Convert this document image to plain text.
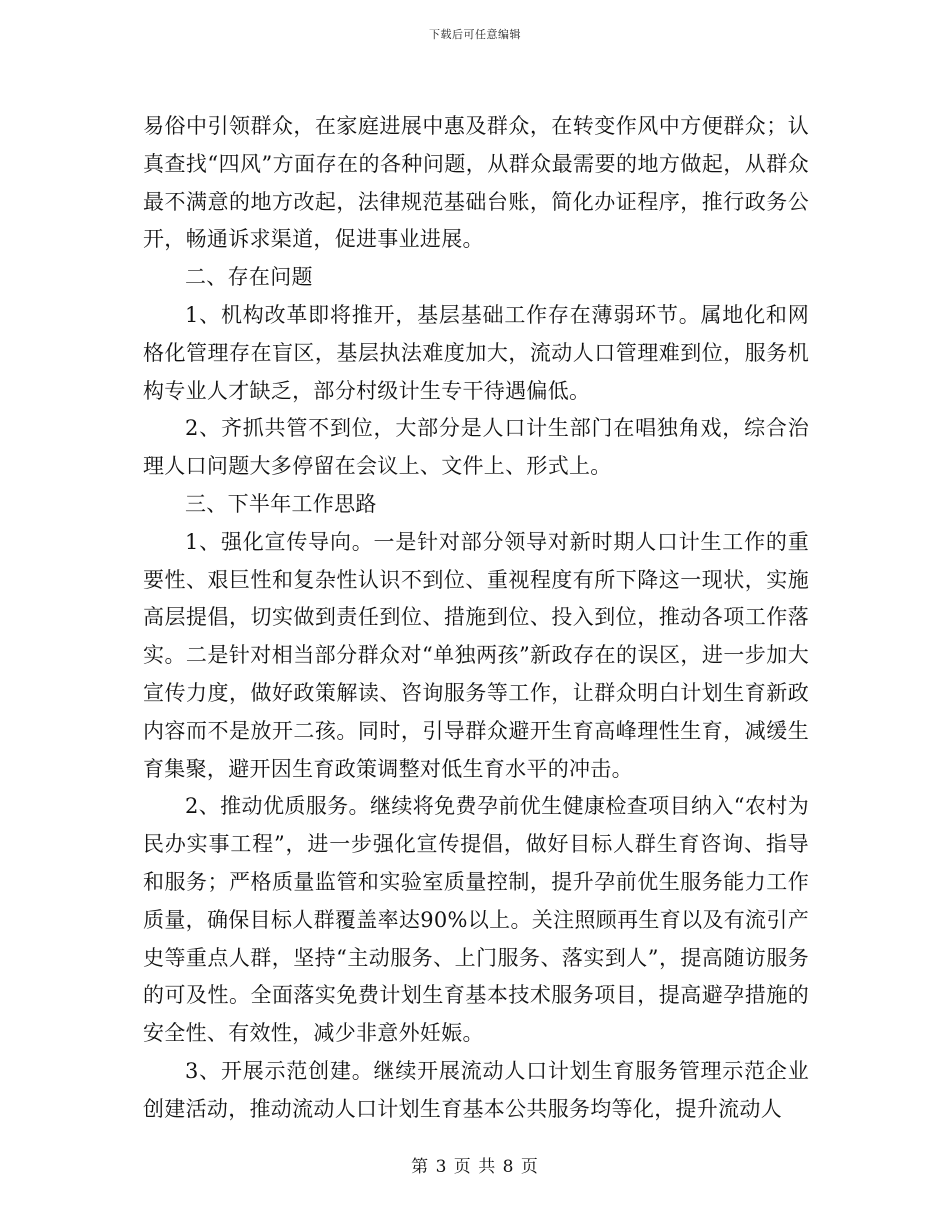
下载后可任意编辑

易俗中引领群众，在家庭进展中惠及群众，在转变作风中方便群众；认真查找“四风”方面存在的各种问题，从群众最需要的地方做起，从群众最不满意的地方改起，法律规范基础台账，简化办证程序，推行政务公开，畅通诉求渠道，促进事业进展。

二、存在问题

1、机构改革即将推开，基层基础工作存在薄弱环节。属地化和网格化管理存在盲区，基层执法难度加大，流动人口管理难到位，服务机构专业人才缺乏，部分村级计生专干待遇偏低。

2、齐抓共管不到位，大部分是人口计生部门在唱独角戏，综合治理人口问题大多停留在会议上、文件上、形式上。

三、下半年工作思路

1、强化宣传导向。一是针对部分领导对新时期人口计生工作的重要性、艰巨性和复杂性认识不到位、重视程度有所下降这一现状，实施高层提倡，切实做到责任到位、措施到位、投入到位，推动各项工作落实。二是针对相当部分群众对“单独两孩”新政存在的误区，进一步加大宣传力度，做好政策解读、咨询服务等工作，让群众明白计划生育新政内容而不是放开二孩。同时，引导群众避开生育高峰理性生育，减缓生育集聚，避开因生育政策调整对低生育水平的冲击。

2、推动优质服务。继续将免费孕前优生健康检查项目纳入“农村为民办实事工程”，进一步强化宣传提倡，做好目标人群生育咨询、指导和服务；严格质量监管和实验室质量控制，提升孕前优生服务能力工作质量，确保目标人群覆盖率达90%以上。关注照顾再生育以及有流引产史等重点人群，坚持“主动服务、上门服务、落实到人”，提高随访服务的可及性。全面落实免费计划生育基本技术服务项目，提高避孕措施的安全性、有效性，减少非意外妊娠。

3、开展示范创建。继续开展流动人口计划生育服务管理示范企业创建活动，推动流动人口计划生育基本公共服务均等化，提升流动人

第 3 页 共 8 页
